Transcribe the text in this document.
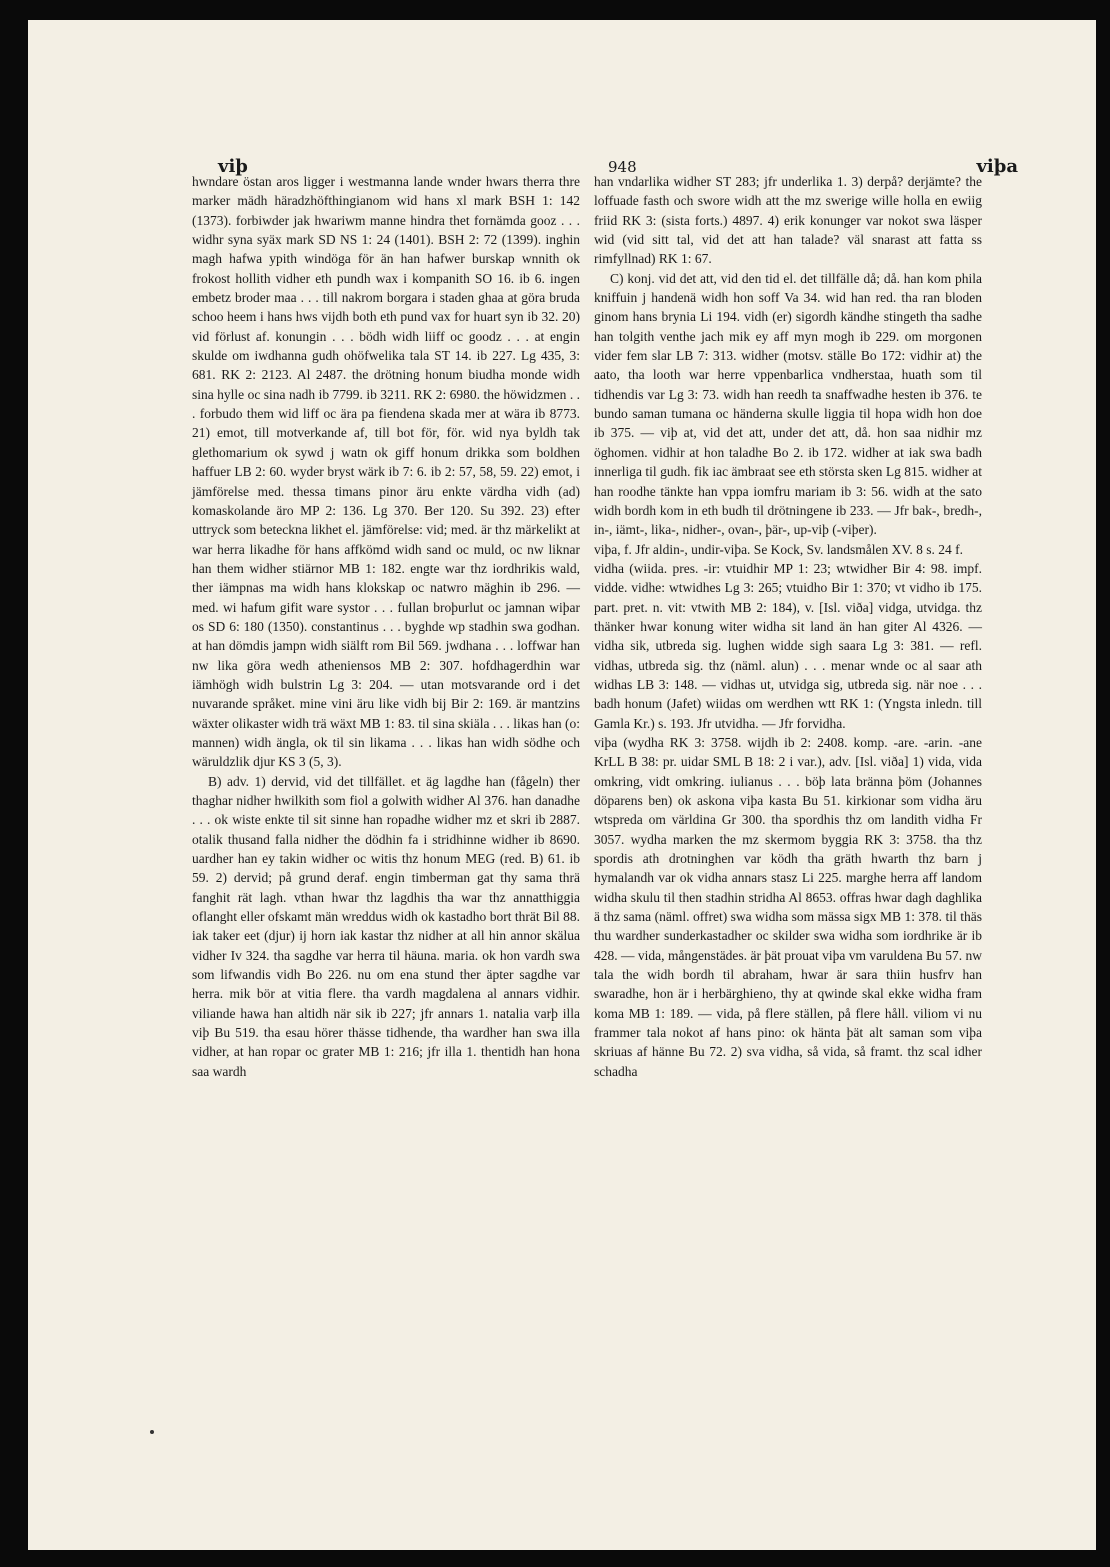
viþ	948	viþa

hwndare östan aros ligger i westmanna lande wnder hwars therra thre marker mädh häradzhöfthingianom wid hans xl mark BSH 1: 142 (1373). forbiwder jak hwariwm manne hindra thet fornämda gooz . . . widhr syna syäx mark SD NS 1: 24 (1401). BSH 2: 72 (1399). inghin magh hafwa ypith windöga för än han hafwer burskap wnnith ok frokost hollith vidher eth pundh wax i kompanith SO 16. ib 6. ingen embetz broder maa . . . till nakrom borgara i staden ghaa at göra bruda schoo heem i hans hws vijdh both eth pund vax for huart syn ib 32. 20) vid förlust af. konungin . . . bödh widh liiff oc goodz . . . at engin skulde om iwdhanna gudh ohöfwelika tala ST 14. ib 227. Lg 435, 3: 681. RK 2: 2123. Al 2487. the drötning honum biudha monde widh sina hylle oc sina nadh ib 7799. ib 3211. RK 2: 6980. the höwidzmen . . . forbudo them wid liff oc ära pa fiendena skada mer at wära ib 8773. 21) emot, till motverkande af, till bot för, för. wid nya byldh tak glethomarium ok sywd j watn ok giff honum drikka som boldhen haffuer LB 2: 60. wyder bryst wärk ib 7: 6. ib 2: 57, 58, 59. 22) emot, i jämförelse med. thessa timans pinor äru enkte värdha vidh (ad) komaskolande äro MP 2: 136. Lg 370. Ber 120. Su 392. 23) efter uttryck som beteckna likhet el. jämförelse: vid; med. är thz märkelikt at war herra likadhe för hans affkömd widh sand oc muld, oc nw liknar han them widher stiärnor MB 1: 182. engte war thz iordhrikis wald, ther iämpnas ma widh hans klokskap oc natwro mäghin ib 296. — med. wi hafum gifit ware systor . . . fullan broþurlut oc jamnan wiþar os SD 6: 180 (1350). constantinus . . . byghde wp stadhin swa godhan. at han dömdis jampn widh siälft rom Bil 569. jwdhana . . . loffwar han nw lika göra wedh atheniensos MB 2: 307. hofdhagerdhin war iämhögh widh bulstrin Lg 3: 204. — utan motsvarande ord i det nuvarande språket. mine vini äru like vidh bij Bir 2: 169. är mantzins wäxter olikaster widh trä wäxt MB 1: 83. til sina skiäla . . . likas han (o: mannen) widh ängla, ok til sin likama . . . likas han widh södhe och wäruldzlik djur KS 3 (5, 3).

B) adv. 1) dervid, vid det tillfället. et äg lagdhe han (fågeln) ther thaghar nidher hwilkith som fiol a golwith widher Al 376. han danadhe . . . ok wiste enkte til sit sinne han ropadhe widher mz et skri ib 2887. otalik thusand falla nidher the dödhin fa i stridhinne widher ib 8690. uardher han ey takin widher oc witis thz honum MEG (red. B) 61. ib 59. 2) dervid; på grund deraf. engin timberman gat thy sama thrä fanghit rät lagh. vthan hwar thz lagdhis tha war thz annatthiggia oflanght eller ofskamt män wreddus widh ok kastadho bort thrät Bil 88. iak taker eet (djur) ij horn iak kastar thz nidher at all hin annor skälua vidher Iv 324. tha sagdhe var herra til häuna. maria. ok hon vardh swa som lifwandis vidh Bo 226. nu om ena stund ther äpter sagdhe var herra. mik bör at vitia flere. tha vardh magdalena al annars vidhir. viliande hawa han altidh när sik ib 227; jfr annars 1. natalia varþ illa viþ Bu 519. tha esau hörer thässe tidhende, tha wardher han swa illa vidher, at han ropar oc grater MB 1: 216; jfr illa 1. thentidh han hona saa wardh

han vndarlika widher ST 283; jfr underlika 1. 3) derpå? derjämte? the loffuade fasth och swore widh att the mz swerige wille holla en ewiig friid RK 3: (sista forts.) 4897. 4) erik konunger var nokot swa läsper wid (vid sitt tal, vid det att han talade? väl snarast att fatta ss rimfyllnad) RK 1: 67.

C) konj. vid det att, vid den tid el. det tillfälle då; då. han kom phila kniffuin j handenä widh hon soff Va 34. wid han red. tha ran bloden ginom hans brynia Li 194. vidh (er) sigordh kändhe stingeth tha sadhe han tolgith venthe jach mik ey aff myn mogh ib 229. om morgonen vider fem slar LB 7: 313. widher (motsv. ställe Bo 172: vidhir at) the aato, tha looth war herre vppenbarlica vndherstaa, huath som til tidhendis var Lg 3: 73. widh han reedh ta snaffwadhe hesten ib 376. te bundo saman tumana oc händerna skulle liggia til hopa widh hon doe ib 375. — viþ at, vid det att, under det att, då. hon saa nidhir mz öghomen. vidhir at hon taladhe Bo 2. ib 172. widher at iak swa badh innerliga til gudh. fik iac ämbraat see eth största sken Lg 815. widher at han roodhe tänkte han vppa iomfru mariam ib 3: 56. widh at the sato widh bordh kom in eth budh til drötningene ib 233. — Jfr bak-, bredh-, in-, iämt-, lika-, nidher-, ovan-, þär-, up-viþ (-viþer).

viþa, f. Jfr aldin-, undir-viþa. Se Kock, Sv. landsmålen XV. 8 s. 24 f.

vidha (wiida. pres. -ir: vtuidhir MP 1: 23; wtwidher Bir 4: 98. impf. vidde. vidhe: wtwidhes Lg 3: 265; vtuidho Bir 1: 370; vt vidho ib 175. part. pret. n. vit: vtwith MB 2: 184), v. [Isl. viða] vidga, utvidga. thz thänker hwar konung witer widha sit land än han giter Al 4326. — vidha sik, utbreda sig. lughen widde sigh saara Lg 3: 381. — refl. vidhas, utbreda sig. thz (näml. alun) . . . menar wnde oc al saar ath widhas LB 3: 148. — vidhas ut, utvidga sig, utbreda sig. när noe . . . badh honum (Jafet) wiidas om werdhen wtt RK 1: (Yngsta inledn. till Gamla Kr.) s. 193. Jfr utvidha. — Jfr forvidha.

viþa (wydha RK 3: 3758. wijdh ib 2: 2408. komp. -are. -arin. -ane KrLL B 38: pr. uidar SML B 18: 2 i var.), adv. [Isl. viða] 1) vida, vida omkring, vidt omkring. iulianus . . . böþ lata bränna þöm (Johannes döparens ben) ok askona viþa kasta Bu 51. kirkionar som vidha äru wtspreda om världina Gr 300. tha spordhis thz om landith vidha Fr 3057. wydha marken the mz skermom byggia RK 3: 3758. tha thz spordis ath drotninghen var ködh tha gräth hwarth thz barn j hymalandh var ok vidha annars stasz Li 225. marghe herra aff landom widha skulu til then stadhin stridha Al 8653. offras hwar dagh daghlika ä thz sama (näml. offret) swa widha som mässa sigx MB 1: 378. til thäs thu wardher sunderkastadher oc skilder swa widha som iordhrike är ib 428. — vida, mångenstädes. är þät prouat viþa vm varuldena Bu 57. nw tala the widh bordh til abraham, hwar är sara thiin husfrv han swaradhe, hon är i herbärghieno, thy at qwinde skal ekke widha fram koma MB 1: 189. — vida, på flere ställen, på flere håll. viliom vi nu frammer tala nokot af hans pino: ok hänta þät alt saman som viþa skriuas af hänne Bu 72. 2) sva vidha, så vida, så framt. thz scal idher schadha
